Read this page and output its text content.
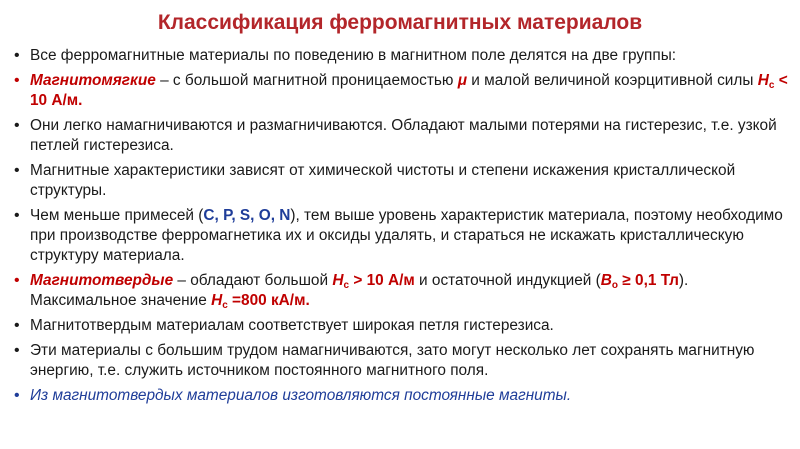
Классификация ферромагнитных материалов
• Все ферромагнитные материалы по поведению в магнитном поле делятся на две группы:
• Магнитомягкие – с большой магнитной проницаемостью μ и малой величиной коэрцитивной силы $H_c < 10$ А/м.
• Они легко намагничиваются и размагничиваются. Обладают малыми потерями на гистерезис, т.е. узкой петлей гистерезиса.
• Магнитные характеристики зависят от химической чистоты и степени искажения кристаллической структуры.
• Чем меньше примесей (C, P, S, O, N), тем выше уровень характеристик материала, поэтому необходимо при производстве ферромагнетика их и оксиды удалять, и стараться не искажать кристаллическую структуру материала.
• Магнитотвердые – обладают большой $H_c > 10$ А/м и остаточной индукцией ($B_o \ge 0,1$ Тл). Максимальное значение $H_c =800$ кА/м.
• Магнитотвердым материалам соответствует широкая петля гистерезиса.
• Эти материалы с большим трудом намагничиваются, зато могут несколько лет сохранять магнитную энергию, т.е. служить источником постоянного магнитного поля.
• Из магнитотвердых материалов изготовляются постоянные магниты.
